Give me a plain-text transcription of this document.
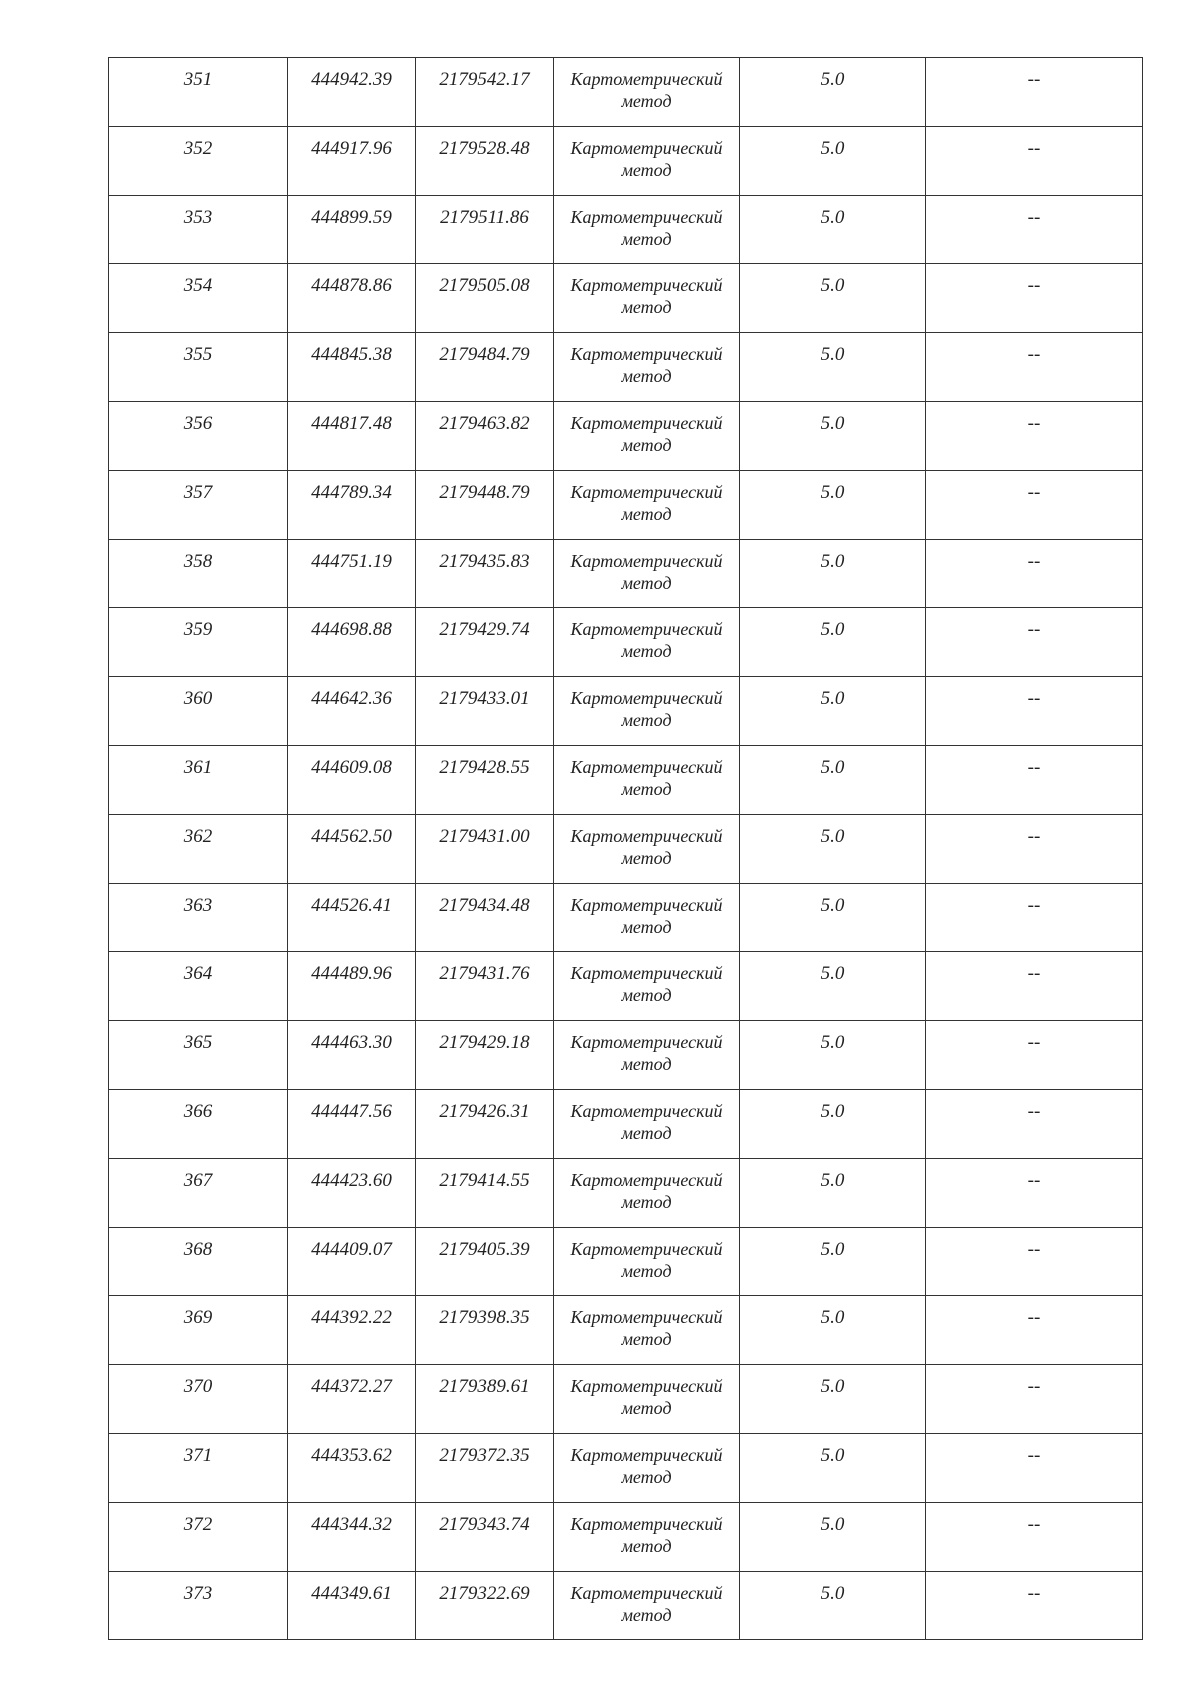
351	444942.39	2179542.17	Картометрический метод	5.0	--
352	444917.96	2179528.48	Картометрический метод	5.0	--
353	444899.59	2179511.86	Картометрический метод	5.0	--
354	444878.86	2179505.08	Картометрический метод	5.0	--
355	444845.38	2179484.79	Картометрический метод	5.0	--
356	444817.48	2179463.82	Картометрический метод	5.0	--
357	444789.34	2179448.79	Картометрический метод	5.0	--
358	444751.19	2179435.83	Картометрический метод	5.0	--
359	444698.88	2179429.74	Картометрический метод	5.0	--
360	444642.36	2179433.01	Картометрический метод	5.0	--
361	444609.08	2179428.55	Картометрический метод	5.0	--
362	444562.50	2179431.00	Картометрический метод	5.0	--
363	444526.41	2179434.48	Картометрический метод	5.0	--
364	444489.96	2179431.76	Картометрический метод	5.0	--
365	444463.30	2179429.18	Картометрический метод	5.0	--
366	444447.56	2179426.31	Картометрический метод	5.0	--
367	444423.60	2179414.55	Картометрический метод	5.0	--
368	444409.07	2179405.39	Картометрический метод	5.0	--
369	444392.22	2179398.35	Картометрический метод	5.0	--
370	444372.27	2179389.61	Картометрический метод	5.0	--
371	444353.62	2179372.35	Картометрический метод	5.0	--
372	444344.32	2179343.74	Картометрический метод	5.0	--
373	444349.61	2179322.69	Картометрический метод	5.0	--
